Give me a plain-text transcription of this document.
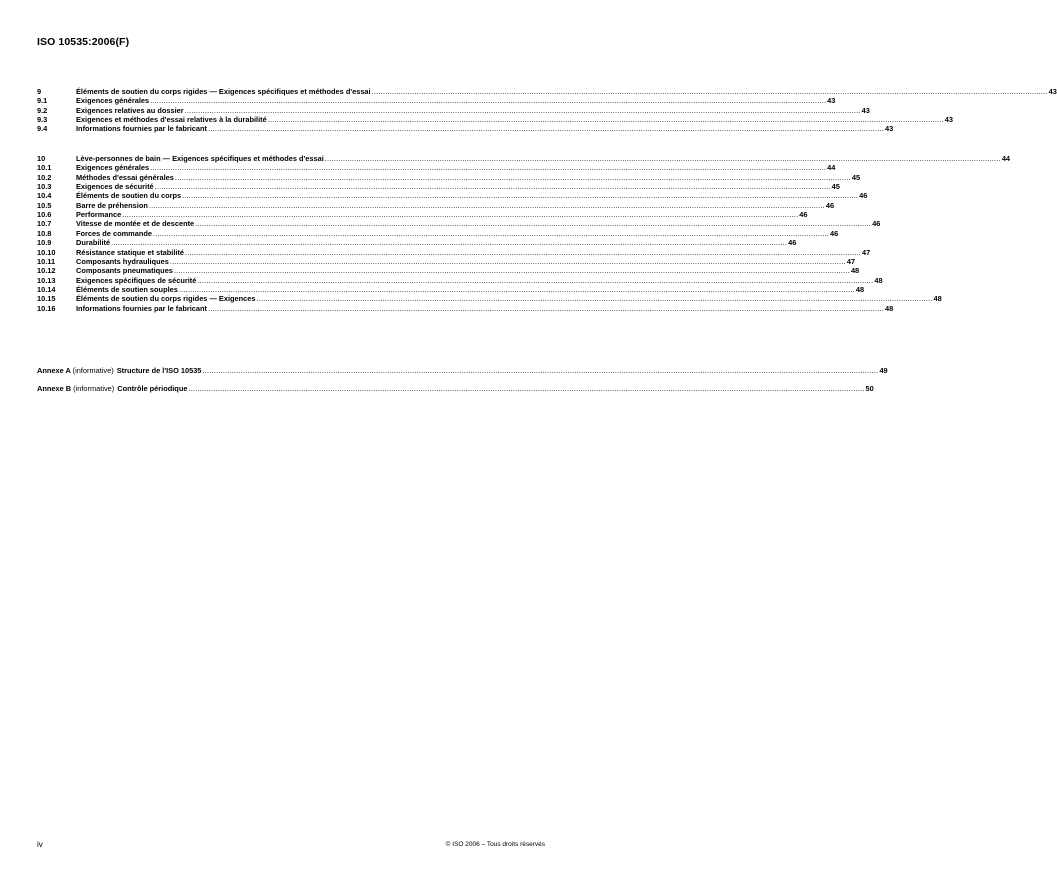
ISO 10535:2006(F)
9	Éléments de soutien du corps rigides — Exigences spécifiques et méthodes d'essai ............................................................................................................................................................................................................................................................................................................ 43
9.1	Exigences générales ............................................................................................................................................................................................................................................................................................................ 43
9.2	Exigences relatives au dossier ............................................................................................................................................................................................................................................................................................................ 43
9.3	Exigences et méthodes d'essai relatives à la durabilité ............................................................................................................................................................................................................................................................................................................ 43
9.4	Informations fournies par le fabricant ............................................................................................................................................................................................................................................................................................................ 43
10	Lève-personnes de bain — Exigences spécifiques et méthodes d'essai ............................................................................................................................................................................................................................................................................................................ 44
10.1	Exigences générales ............................................................................................................................................................................................................................................................................................................ 44
10.2	Méthodes d'essai générales ............................................................................................................................................................................................................................................................................................................ 45
10.3	Exigences de sécurité ............................................................................................................................................................................................................................................................................................................ 45
10.4	Éléments de soutien du corps ............................................................................................................................................................................................................................................................................................................ 46
10.5	Barre de préhension ............................................................................................................................................................................................................................................................................................................ 46
10.6	Performance ............................................................................................................................................................................................................................................................................................................ 46
10.7	Vitesse de montée et de descente ............................................................................................................................................................................................................................................................................................................ 46
10.8	Forces de commande ............................................................................................................................................................................................................................................................................................................ 46
10.9	Durabilité ............................................................................................................................................................................................................................................................................................................ 46
10.10	Résistance statique et stabilité ............................................................................................................................................................................................................................................................................................................ 47
10.11	Composants hydrauliques ............................................................................................................................................................................................................................................................................................................ 47
10.12	Composants pneumatiques ............................................................................................................................................................................................................................................................................................................ 48
10.13	Exigences spécifiques de sécurité ............................................................................................................................................................................................................................................................................................................ 48
10.14	Éléments de soutien souples ............................................................................................................................................................................................................................................................................................................ 48
10.15	Éléments de soutien du corps rigides — Exigences ............................................................................................................................................................................................................................................................................................................ 48
10.16	Informations fournies par le fabricant ............................................................................................................................................................................................................................................................................................................ 48
Annexe A (informative) Structure de l'ISO 10535 ............................................................................................................................................................................................................................................................................................................ 49
Annexe B (informative) Contrôle périodique ............................................................................................................................................................................................................................................................................................................ 50
iv	© ISO 2006 – Tous droits réservés
